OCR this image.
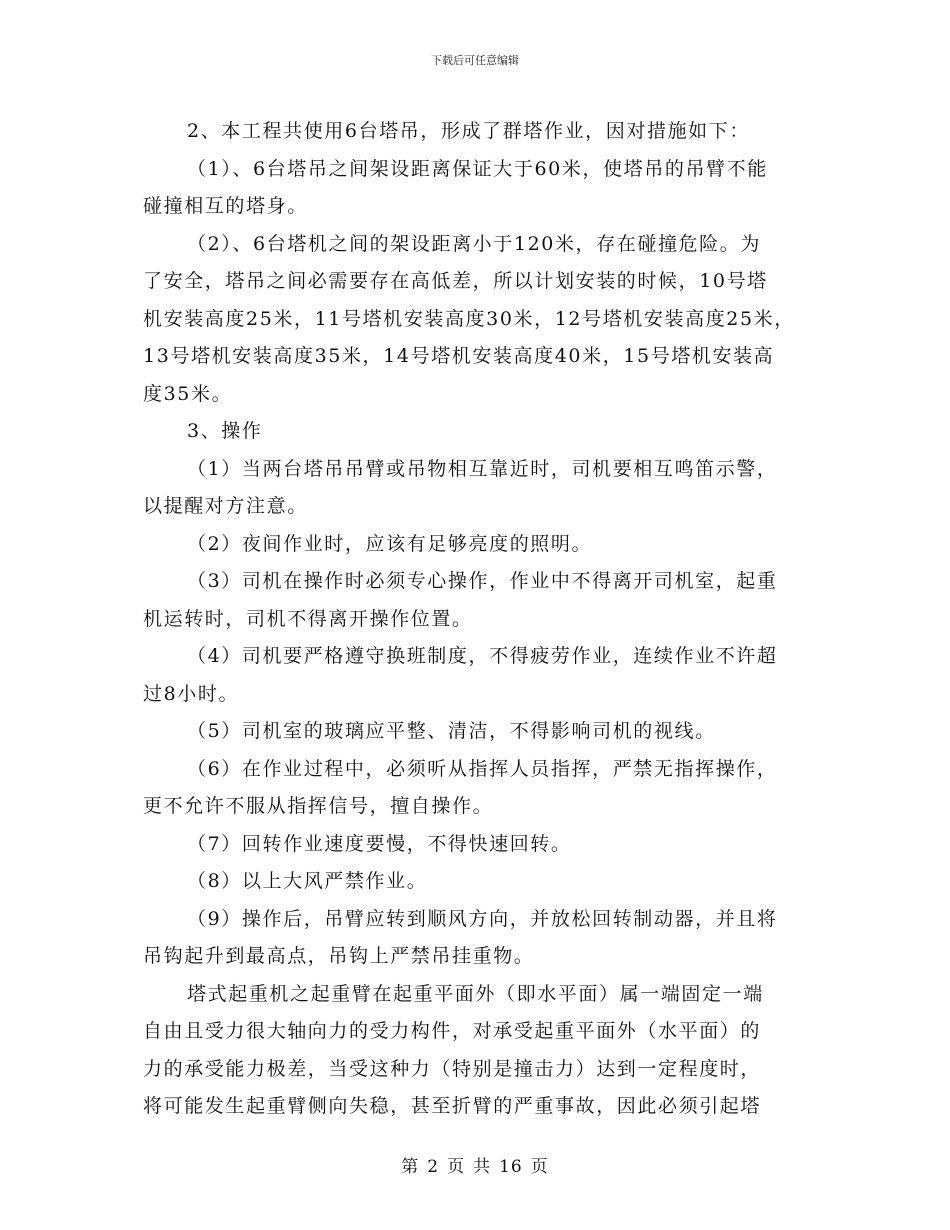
下载后可任意编辑
2、本工程共使用6台塔吊，形成了群塔作业，因对措施如下：
（1）、6台塔吊之间架设距离保证大于60米，使塔吊的吊臂不能
碰撞相互的塔身。
（2）、6台塔机之间的架设距离小于120米，存在碰撞危险。为
了安全，塔吊之间必需要存在高低差，所以计划安装的时候，10号塔
机安装高度25米，11号塔机安装高度30米，12号塔机安装高度25米，
13号塔机安装高度35米，14号塔机安装高度40米，15号塔机安装高
度35米。
3、操作
（1）当两台塔吊吊臂或吊物相互靠近时，司机要相互鸣笛示警，
以提醒对方注意。
（2）夜间作业时，应该有足够亮度的照明。
（3）司机在操作时必须专心操作，作业中不得离开司机室，起重
机运转时，司机不得离开操作位置。
（4）司机要严格遵守换班制度，不得疲劳作业，连续作业不许超
过8小时。
（5）司机室的玻璃应平整、清洁，不得影响司机的视线。
（6）在作业过程中，必须听从指挥人员指挥，严禁无指挥操作，
更不允许不服从指挥信号，擅自操作。
（7）回转作业速度要慢，不得快速回转。
（8）以上大风严禁作业。
（9）操作后，吊臂应转到顺风方向，并放松回转制动器，并且将
吊钩起升到最高点，吊钩上严禁吊挂重物。
塔式起重机之起重臂在起重平面外（即水平面）属一端固定一端
自由且受力很大轴向力的受力构件，对承受起重平面外（水平面）的
力的承受能力极差，当受这种力（特别是撞击力）达到一定程度时，
将可能发生起重臂侧向失稳，甚至折臂的严重事故，因此必须引起塔
第 2 页 共 16 页
